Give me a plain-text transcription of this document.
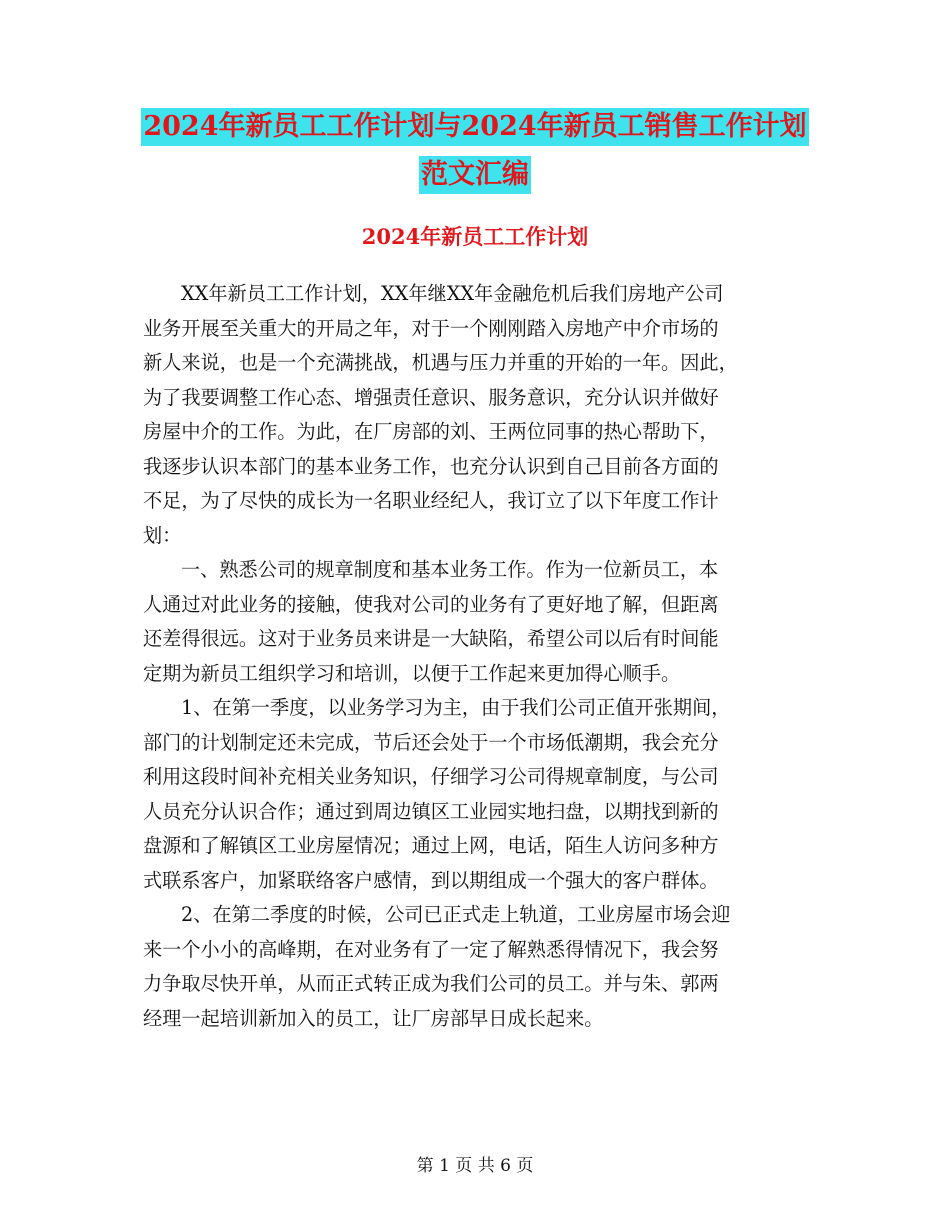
2024年新员工工作计划与2024年新员工销售工作计划
范文汇编
2024年新员工工作计划

XX年新员工工作计划，XX年继XX年金融危机后我们房地产公司
业务开展至关重大的开局之年，对于一个刚刚踏入房地产中介市场的
新人来说，也是一个充满挑战，机遇与压力并重的开始的一年。因此，
为了我要调整工作心态、增强责任意识、服务意识，充分认识并做好
房屋中介的工作。为此，在厂房部的刘、王两位同事的热心帮助下，
我逐步认识本部门的基本业务工作，也充分认识到自己目前各方面的
不足，为了尽快的成长为一名职业经纪人，我订立了以下年度工作计
划：

一、熟悉公司的规章制度和基本业务工作。作为一位新员工，本
人通过对此业务的接触，使我对公司的业务有了更好地了解，但距离
还差得很远。这对于业务员来讲是一大缺陷，希望公司以后有时间能
定期为新员工组织学习和培训，以便于工作起来更加得心顺手。

1、在第一季度，以业务学习为主，由于我们公司正值开张期间，
部门的计划制定还未完成，节后还会处于一个市场低潮期，我会充分
利用这段时间补充相关业务知识，仔细学习公司得规章制度，与公司
人员充分认识合作；通过到周边镇区工业园实地扫盘，以期找到新的
盘源和了解镇区工业房屋情况；通过上网，电话，陌生人访问多种方
式联系客户，加紧联络客户感情，到以期组成一个强大的客户群体。

2、在第二季度的时候，公司已正式走上轨道，工业房屋市场会迎
来一个小小的高峰期，在对业务有了一定了解熟悉得情况下，我会努
力争取尽快开单，从而正式转正成为我们公司的员工。并与朱、郭两
经理一起培训新加入的员工，让厂房部早日成长起来。

第 1 页 共 6 页
